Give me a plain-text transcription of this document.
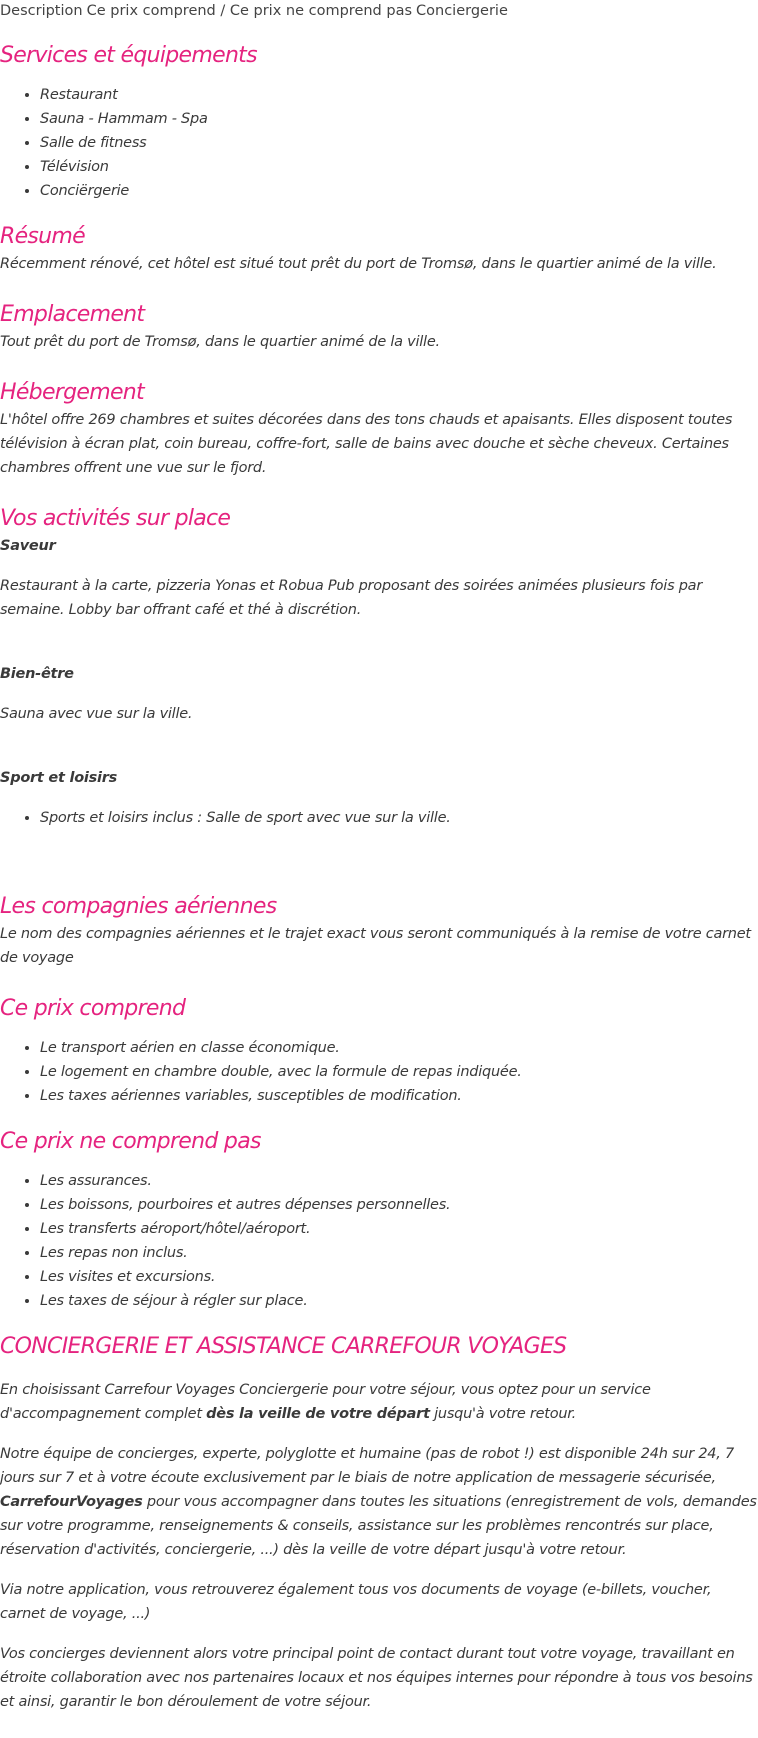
Description Ce prix comprend / Ce prix ne comprend pas Conciergerie
Services et équipements
• Restaurant
• Sauna - Hammam - Spa
• Salle de fitness
• Télévision
• Conciërgerie
Résumé

Récemment rénové, cet hôtel est situé tout prêt du port de Tromsø, dans le quartier animé de la ville.

Emplacement

Tout prêt du port de Tromsø, dans le quartier animé de la ville.

Hébergement

L'hôtel offre 269 chambres et suites décorées dans des tons chauds et apaisants. Elles disposent toutes télévision à écran plat, coin bureau, coffre-fort, salle de bains avec douche et sèche cheveux. Certaines chambres offrent une vue sur le fjord.

Vos activités sur place

Saveur

Restaurant à la carte, pizzeria Yonas et Robua Pub proposant des soirées animées plusieurs fois par semaine. Lobby bar offrant café et thé à discrétion.

Bien-être

Sauna avec vue sur la ville.

Sport et loisirs

• Sports et loisirs inclus : Salle de sport avec vue sur la ville.
Les compagnies aériennes

Le nom des compagnies aériennes et le trajet exact vous seront communiqués à la remise de votre carnet de voyage

Ce prix comprend
• Le transport aérien en classe économique.
• Le logement en chambre double, avec la formule de repas indiquée.
• Les taxes aériennes variables, susceptibles de modification.
Ce prix ne comprend pas
• Les assurances.
• Les boissons, pourboires et autres dépenses personnelles.
• Les transferts aéroport/hôtel/aéroport.
• Les repas non inclus.
• Les visites et excursions.
• Les taxes de séjour à régler sur place.
CONCIERGERIE ET ASSISTANCE CARREFOUR VOYAGES

En choisissant Carrefour Voyages Conciergerie pour votre séjour, vous optez pour un service d'accompagnement complet dès la veille de votre départ jusqu'à votre retour.

Notre équipe de concierges, experte, polyglotte et humaine (pas de robot !) est disponible 24h sur 24, 7 jours sur 7 et à votre écoute exclusivement par le biais de notre application de messagerie sécurisée, CarrefourVoyages pour vous accompagner dans toutes les situations (enregistrement de vols, demandes sur votre programme, renseignements & conseils, assistance sur les problèmes rencontrés sur place, réservation d'activités, conciergerie, ...) dès la veille de votre départ jusqu'à votre retour.

Via notre application, vous retrouverez également tous vos documents de voyage (e-billets, voucher, carnet de voyage, ...)

Vos concierges deviennent alors votre principal point de contact durant tout votre voyage, travaillant en étroite collaboration avec nos partenaires locaux et nos équipes internes pour répondre à tous vos besoins et ainsi, garantir le bon déroulement de votre séjour.
